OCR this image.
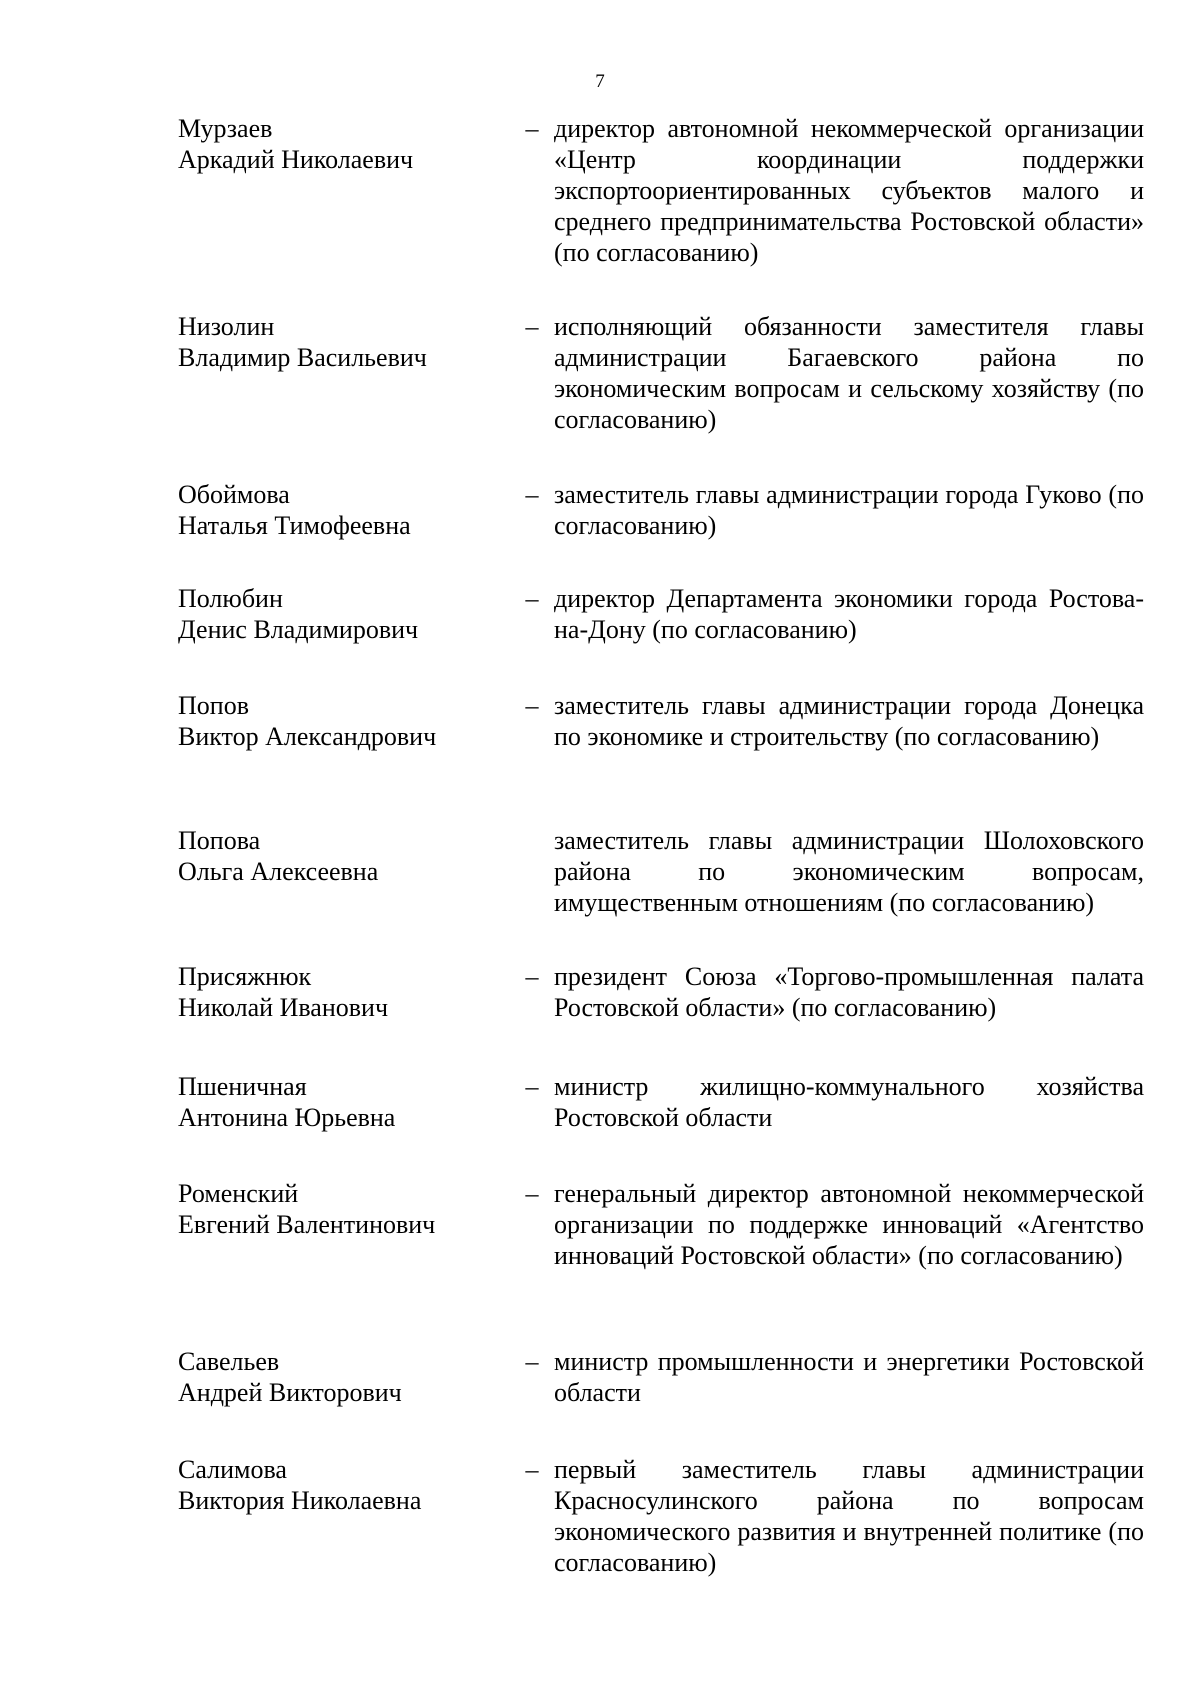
7
Мурзаев
Аркадий Николаевич
– директор автономной некоммерческой организации «Центр координации поддержки экспортоориентированных субъектов малого и среднего предпринимательства Ростовской области» (по согласованию)
Низолин
Владимир Васильевич
– исполняющий обязанности заместителя главы администрации Багаевского района по экономическим вопросам и сельскому хозяйству (по согласованию)
Обоймова
Наталья Тимофеевна
– заместитель главы администрации города Гуково (по согласованию)
Полюбин
Денис Владимирович
– директор Департамента экономики города Ростова-на-Дону (по согласованию)
Попов
Виктор Александрович
– заместитель главы администрации города Донецка по экономике и строительству (по согласованию)
Попова
Ольга Алексеевна
заместитель главы администрации Шолоховского района по экономическим вопросам, имущественным отношениям (по согласованию)
Присяжнюк
Николай Иванович
– президент Союза «Торгово-промышленная палата Ростовской области» (по согласованию)
Пшеничная
Антонина Юрьевна
– министр жилищно-коммунального хозяйства Ростовской области
Роменский
Евгений Валентинович
– генеральный директор автономной некоммерческой организации по поддержке инноваций «Агентство инноваций Ростовской области» (по согласованию)
Савельев
Андрей Викторович
– министр промышленности и энергетики Ростовской области
Салимова
Виктория Николаевна
– первый заместитель главы администрации Красносулинского района по вопросам экономического развития и внутренней политике (по согласованию)
